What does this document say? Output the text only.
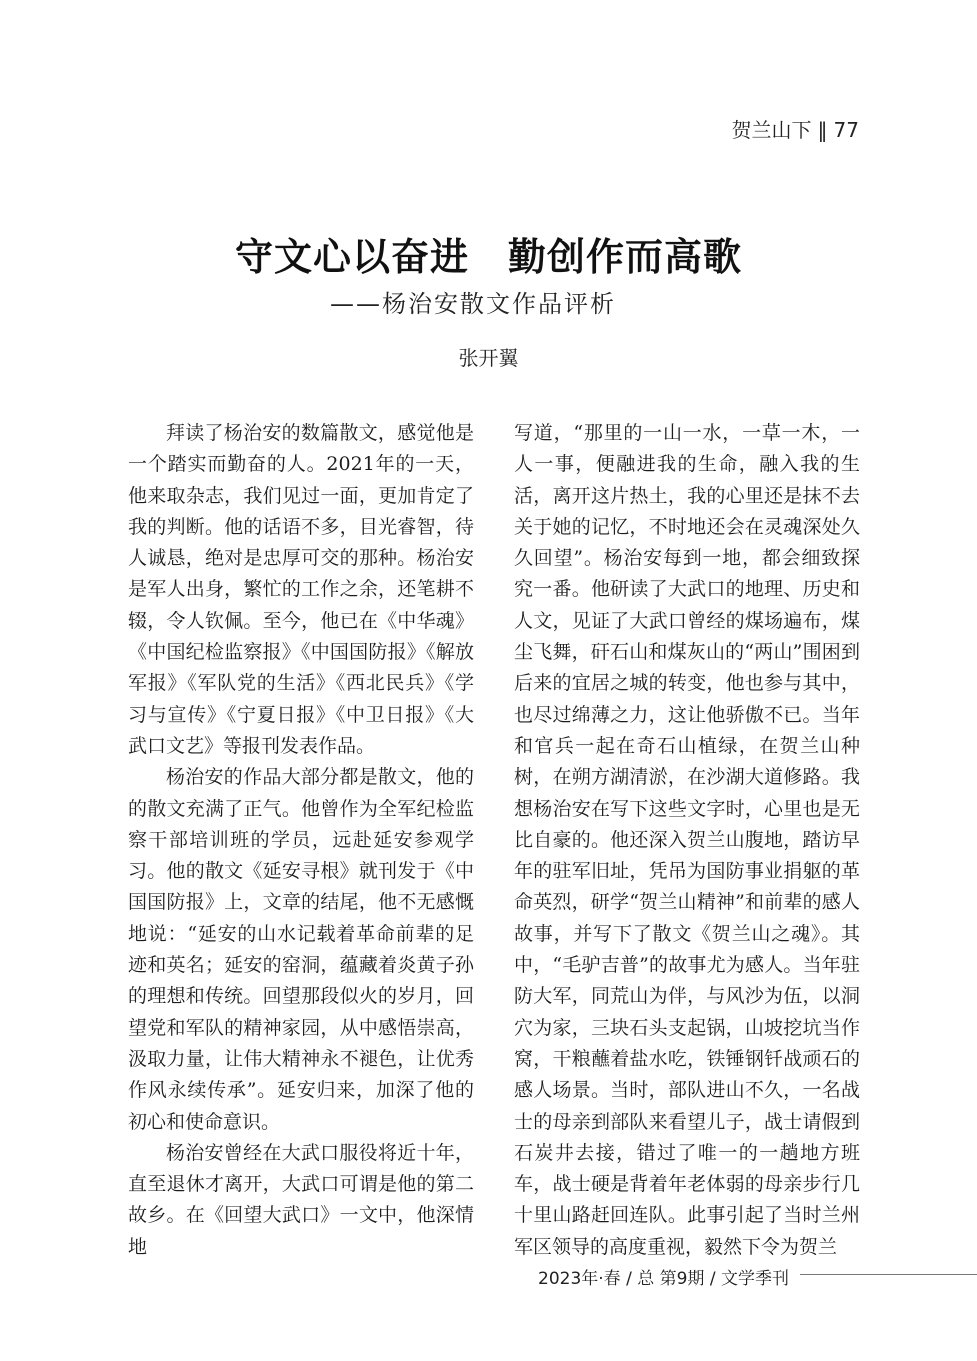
贺兰山下 ‖ 77
守文心以奋进　勤创作而高歌
——杨治安散文作品评析
张开翼

拜读了杨治安的数篇散文，感觉他是一个踏实而勤奋的人。2021年的一天，他来取杂志，我们见过一面，更加肯定了我的判断。他的话语不多，目光睿智，待人诚恳，绝对是忠厚可交的那种。杨治安是军人出身，繁忙的工作之余，还笔耕不辍，令人钦佩。至今，他已在《中华魂》《中国纪检监察报》《中国国防报》《解放军报》《军队党的生活》《西北民兵》《学习与宣传》《宁夏日报》《中卫日报》《大武口文艺》等报刊发表作品。

杨治安的作品大部分都是散文，他的的散文充满了正气。他曾作为全军纪检监察干部培训班的学员，远赴延安参观学习。他的散文《延安寻根》就刊发于《中国国防报》上，文章的结尾，他不无感慨地说：“延安的山水记载着革命前辈的足迹和英名；延安的窑洞，蕴藏着炎黄子孙的理想和传统。回望那段似火的岁月，回望党和军队的精神家园，从中感悟崇高，汲取力量，让伟大精神永不褪色，让优秀作风永续传承”。延安归来，加深了他的初心和使命意识。

杨治安曾经在大武口服役将近十年，直至退休才离开，大武口可谓是他的第二故乡。在《回望大武口》一文中，他深情地

写道，“那里的一山一水，一草一木，一人一事，便融进我的生命，融入我的生活，离开这片热土，我的心里还是抹不去关于她的记忆，不时地还会在灵魂深处久久回望”。杨治安每到一地，都会细致探究一番。他研读了大武口的地理、历史和人文，见证了大武口曾经的煤场遍布，煤尘飞舞，矸石山和煤灰山的“两山”围困到后来的宜居之城的转变，他也参与其中，也尽过绵薄之力，这让他骄傲不已。当年和官兵一起在奇石山植绿，在贺兰山种树，在朔方湖清淤，在沙湖大道修路。我想杨治安在写下这些文字时，心里也是无比自豪的。他还深入贺兰山腹地，踏访早年的驻军旧址，凭吊为国防事业捐躯的革命英烈，研学“贺兰山精神”和前辈的感人故事，并写下了散文《贺兰山之魂》。其中，“毛驴吉普”的故事尤为感人。当年驻防大军，同荒山为伴，与风沙为伍，以洞穴为家，三块石头支起锅，山坡挖坑当作窝，干粮蘸着盐水吃，铁锤钢钎战顽石的感人场景。当时，部队进山不久，一名战士的母亲到部队来看望儿子，战士请假到石炭井去接，错过了唯一的一趟地方班车，战士硬是背着年老体弱的母亲步行几十里山路赶回连队。此事引起了当时兰州军区领导的高度重视，毅然下令为贺兰

2023年·春 / 总 第9期 / 文学季刊
